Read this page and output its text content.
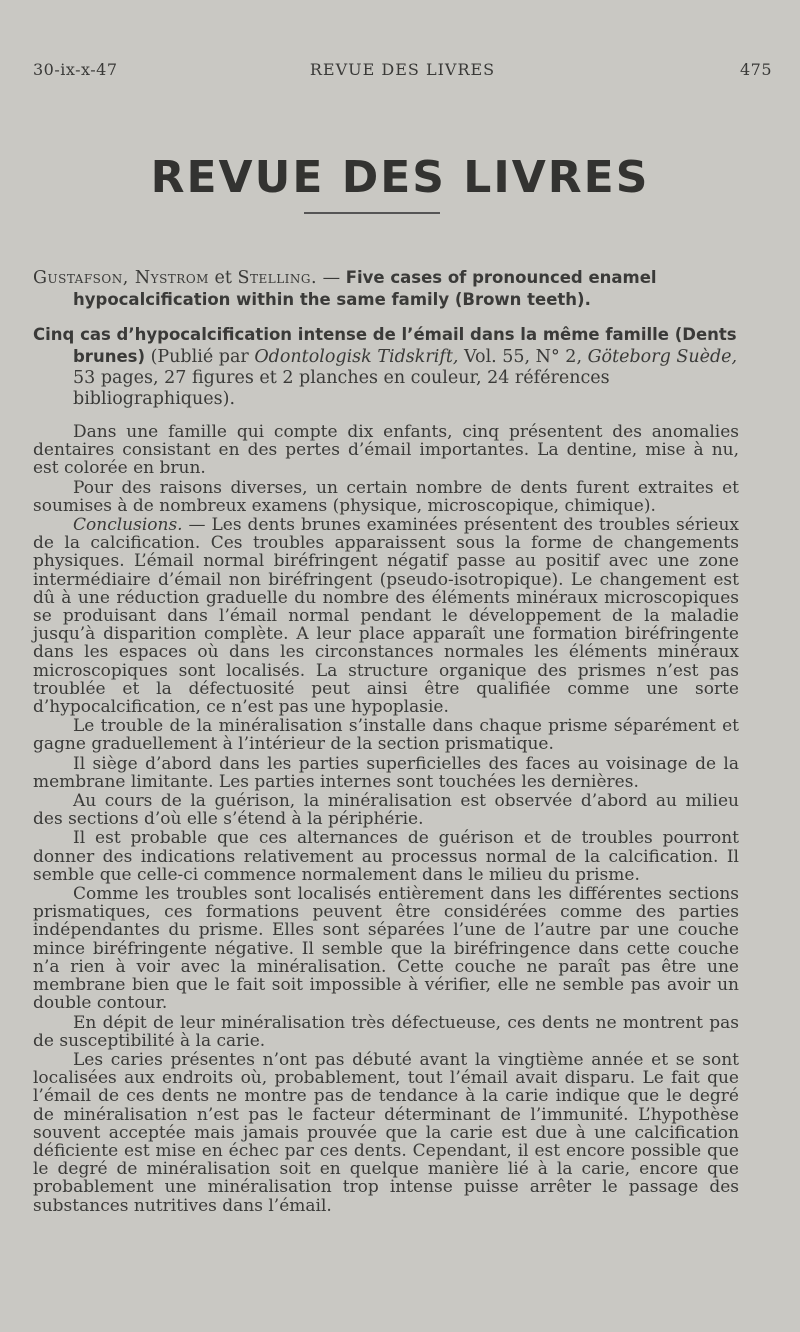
30-ix-x-47	REVUE DES LIVRES	475
REVUE DES LIVRES

Gustafson, Nystrom et Stelling. — Five cases of pronounced enamel hypocalcification within the same family (Brown teeth).

Cinq cas d’hypocalcification intense de l’émail dans la même famille (Dents brunes) (Publié par Odontologisk Tidskrift, Vol. 55, N° 2, Göteborg Suède, 53 pages, 27 figures et 2 planches en couleur, 24 références bibliographiques).

Dans une famille qui compte dix enfants, cinq présentent des anomalies dentaires consistant en des pertes d’émail importantes. La dentine, mise à nu, est colorée en brun.

Pour des raisons diverses, un certain nombre de dents furent extraites et soumises à de nombreux examens (physique, microscopique, chimique).

Conclusions. — Les dents brunes examinées présentent des troubles sérieux de la calcification. Ces troubles apparaissent sous la forme de changements physiques. L’émail normal biréfringent négatif passe au positif avec une zone intermédiaire d’émail non biréfringent (pseudo-isotropique). Le changement est dû à une réduction graduelle du nombre des éléments minéraux microscopiques se produisant dans l’émail normal pendant le développement de la maladie jusqu’à disparition complète. A leur place apparaît une formation biréfringente dans les espaces où dans les circonstances normales les éléments minéraux microscopiques sont localisés. La structure organique des prismes n’est pas troublée et la défectuosité peut ainsi être qualifiée comme une sorte d’hypocalcification, ce n’est pas une hypoplasie.

Le trouble de la minéralisation s’installe dans chaque prisme séparément et gagne graduellement à l’intérieur de la section prismatique.

Il siège d’abord dans les parties superficielles des faces au voisinage de la membrane limitante. Les parties internes sont touchées les dernières.

Au cours de la guérison, la minéralisation est observée d’abord au milieu des sections d’où elle s’étend à la périphérie.

Il est probable que ces alternances de guérison et de troubles pourront donner des indications relativement au processus normal de la calcification. Il semble que celle-ci commence normalement dans le milieu du prisme.

Comme les troubles sont localisés entièrement dans les différentes sections prismatiques, ces formations peuvent être considérées comme des parties indépendantes du prisme. Elles sont séparées l’une de l’autre par une couche mince biréfringente négative. Il semble que la biréfringence dans cette couche n’a rien à voir avec la minéralisation. Cette couche ne paraît pas être une membrane bien que le fait soit impossible à vérifier, elle ne semble pas avoir un double contour.

En dépit de leur minéralisation très défectueuse, ces dents ne montrent pas de susceptibilité à la carie.

Les caries présentes n’ont pas débuté avant la vingtième année et se sont localisées aux endroits où, probablement, tout l’émail avait disparu. Le fait que l’émail de ces dents ne montre pas de tendance à la carie indique que le degré de minéralisation n’est pas le facteur déterminant de l’immunité. L’hypothèse souvent acceptée mais jamais prouvée que la carie est due à une calcification déficiente est mise en échec par ces dents. Cependant, il est encore possible que le degré de minéralisation soit en quelque manière lié à la carie, encore que probablement une minéralisation trop intense puisse arrêter le passage des substances nutritives dans l’émail.
